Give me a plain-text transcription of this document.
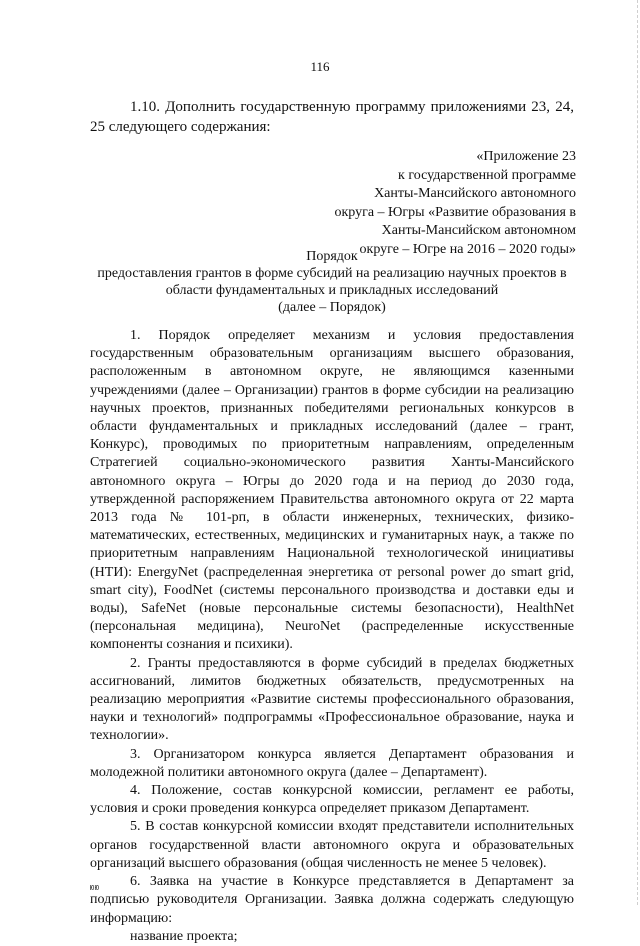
116

1.10. Дополнить государственную программу приложениями 23, 24, 25 следующего содержания:

«Приложение 23
к государственной программе
Ханты-Мансийского автономного
округа – Югры «Развитие образования в
Ханты-Мансийском автономном
округе – Югре на 2016 – 2020 годы»
Порядок
предоставления грантов в форме субсидий на реализацию научных проектов в
области фундаментальных и прикладных исследований
(далее – Порядок)

1. Порядок определяет механизм и условия предоставления государственным образовательным организациям высшего образования, расположенным в автономном округе, не являющимся казенными учреждениями (далее – Организации) грантов в форме субсидии на реализацию научных проектов, признанных победителями региональных конкурсов в области фундаментальных и прикладных исследований (далее – грант, Конкурс), проводимых по приоритетным направлениям, определенным Стратегией социально-экономического развития Ханты-Мансийского автономного округа – Югры до 2020 года и на период до 2030 года, утвержденной распоряжением Правительства автономного округа от 22 марта 2013 года № 101-рп, в области инженерных, технических, физико-математических, естественных, медицинских и гуманитарных наук, а также по приоритетным направлениям Национальной технологической инициативы (НТИ): EnergyNet (распределенная энергетика от personal power до smart grid, smart city), FoodNet (системы персонального производства и доставки еды и воды), SafeNet (новые персональные системы безопасности), HealthNet (персональная медицина), NeuroNet (распределенные искусственные компоненты сознания и психики).

2. Гранты предоставляются в форме субсидий в пределах бюджетных ассигнований, лимитов бюджетных обязательств, предусмотренных на реализацию мероприятия «Развитие системы профессионального образования, науки и технологий» подпрограммы «Профессиональное образование, наука и технологии».

3. Организатором конкурса является Департамент образования и молодежной политики автономного округа (далее – Департамент).

4. Положение, состав конкурсной комиссии, регламент ее работы, условия и сроки проведения конкурса определяет приказом Департамент.

5. В состав конкурсной комиссии входят представители исполнительных органов государственной власти автономного округа и образовательных организаций высшего образования (общая численность не менее 5 человек).

6. Заявка на участие в Конкурсе представляется в Департамент за подписью руководителя Организации. Заявка должна содержать следующую информацию:

название проекта;

ЮЮ
